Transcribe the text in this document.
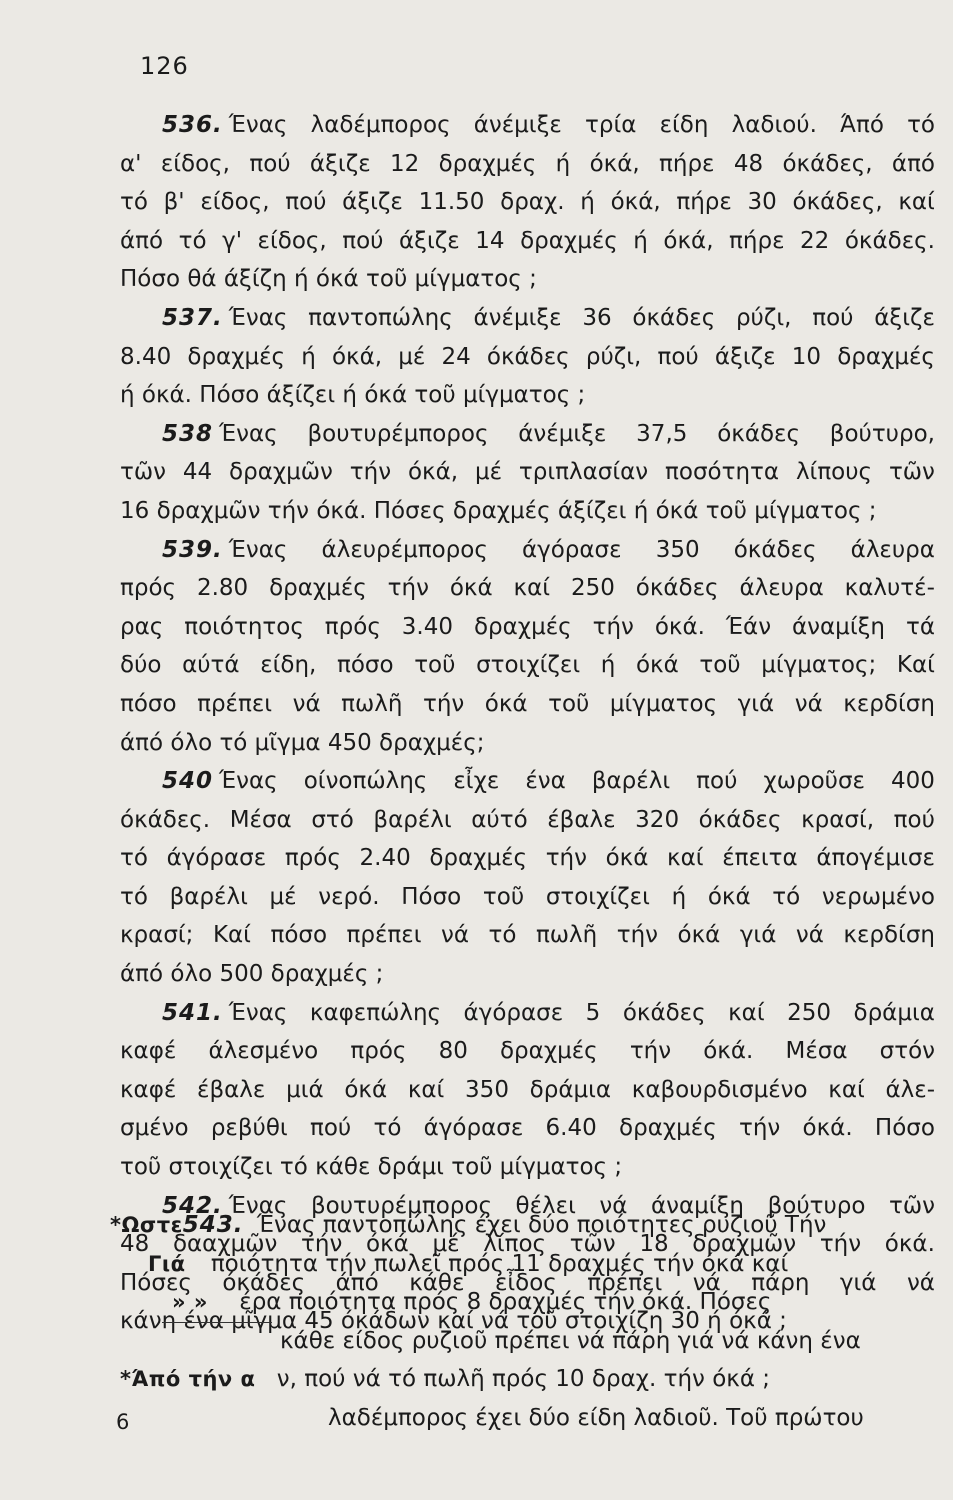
126
536. Ένας λαδέμπορος άνέμιξε τρία είδη λαδιού. Άπό τό
α' είδος, πού άξιζε 12 δραχμές ή όκά, πήρε 48 όκάδες, άπό
τό β' είδος, πού άξιζε 11.50 δραχ. ή όκά, πήρε 30 όκάδες, καί
άπό τό γ' είδος, πού άξιζε 14 δραχμές ή όκά, πήρε 22 όκάδες.
Πόσο θά άξίζη ή όκά τοῦ μίγματος ;
537. Ένας παντοπώλης άνέμιξε 36 όκάδες ρύζι, πού άξιζε
8.40 δραχμές ή όκά, μέ 24 όκάδες ρύζι, πού άξιζε 10 δραχμές
ή όκά. Πόσο άξίζει ή όκά τοῦ μίγματος ;
538 Ένας βουτυρέμπορος άνέμιξε 37,5 όκάδες βούτυρο,
τῶν 44 δραχμῶν τήν όκά, μέ τριπλασίαν ποσότητα λίπους τῶν
16 δραχμῶν τήν όκά. Πόσες δραχμές άξίζει ή όκά τοῦ μίγματος ;
539. Ένας άλευρέμπορος άγόρασε 350 όκάδες άλευρα
πρός 2.80 δραχμές τήν όκά καί 250 όκάδες άλευρα καλυτέ-
ρας ποιότητος πρός 3.40 δραχμές τήν όκά. Έάν άναμίξη τά
δύο αύτά είδη, πόσο τοῦ στοιχίζει ή όκά τοῦ μίγματος; Καί
πόσο πρέπει νά πωλῆ τήν όκά τοῦ μίγματος γιά νά κερδίση
άπό όλο τό μῖγμα 450 δραχμές;
540 Ένας οίνοπώλης εἶχε ένα βαρέλι πού χωροῦσε 400
όκάδες. Μέσα στό βαρέλι αύτό έβαλε 320 όκάδες κρασί, πού
τό άγόρασε πρός 2.40 δραχμές τήν όκά καί έπειτα άπογέμισε
τό βαρέλι μέ νερό. Πόσο τοῦ στοιχίζει ή όκά τό νερωμένο
κρασί; Καί πόσο πρέπει νά τό πωλῆ τήν όκά γιά νά κερδίση
άπό όλο 500 δραχμές ;
541. Ένας καφεπώλης άγόρασε 5 όκάδες καί 250 δράμια
καφέ άλεσμένο πρός 80 δραχμές τήν όκά. Μέσα στόν
καφέ έβαλε μιά όκά καί 350 δράμια καβουρδισμένο καί άλε-
σμένο ρεβύθι πού τό άγόρασε 6.40 δραχμές τήν όκά. Πόσο
τοῦ στοιχίζει τό κάθε δράμι τοῦ μίγματος ;
542. Ένας βουτυρέμπορος θέλει νά άναμίξη βούτυρο τῶν
48 δααχμῶν τήν όκά μέ λίπος τῶν 18 δραχμῶν τήν όκά.
Πόσες όκάδες άπό κάθε εἶδος πρέπει νά πάρη γιά νά
κάνη ένα μῖγμα 45 όκάδων καί νά τοῦ στοιχίζη 30 ή όκά ;
*Ωστε543. Ένας παντοπώλης έχει δύο ποιότητες ρυζιοῦ Τήν
Γιά ποιότητα τήν πωλεῖ πρός 11 δραχμές τήν όκά καί
» » έρα ποιότητα πρός 8 δραχμές τήν όκά. Πόσες
κάθε είδος ρυζιοῦ πρέπει νά πάρη γιά νά κάνη ένα
*Άπό τήν α ν, πού νά τό πωλῆ πρός 10 δραχ. τήν όκά ;
λαδέμπορος έχει δύο είδη λαδιοῦ. Τοῦ πρώτου
6
